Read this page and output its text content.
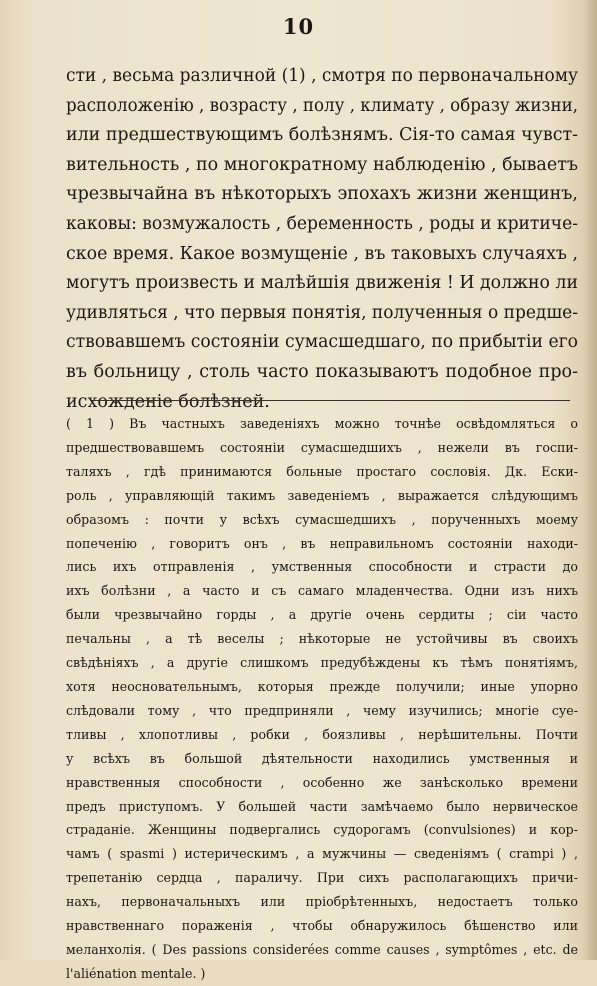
10
сти , весьма различной (1) , смотря по первоначальному
расположенію , возрасту , полу , климату , образу жизни,
или предшествующимъ болѣзнямъ. Сія-то самая чувст-
вительность , по многократному наблюденію , бываетъ
чрезвычайна въ нѣкоторыхъ эпохахъ жизни женщинъ,
каковы: возмужалость , беременность , роды и критиче-
ское время. Какое возмущеніе , въ таковыхъ случаяхъ ,
могутъ произвесть и малѣйшія движенія ! И должно ли
удивляться , что первыя понятія, полученныя о предше-
ствовавшемъ состояніи сумасшедшаго, по прибытіи его
въ больницу , столь часто показываютъ подобное про-
исхожденіе болѣзней.
( 1 ) Въ частныхъ заведеніяхъ можно точнѣе освѣдомляться о
предшествовавшемъ состояніи сумасшедшихъ , нежели въ госпи-
таляхъ , гдѣ принимаются больные простаго сословія. Дк. Ески-
роль , управляющій такимъ заведеніемъ , выражается слѣдующимъ
образомъ : почти у всѣхъ сумасшедшихъ , порученныхъ моему
попеченію , говоритъ онъ , въ неправильномъ состояніи находи-
лись ихъ отправленія , умственныя способности и страсти до
ихъ болѣзни , а часто и съ самаго младенчества. Одни изъ нихъ
были чрезвычайно горды , а другіе очень сердиты ; сіи часто
печальны , а тѣ веселы ; нѣкоторые не устойчивы въ своихъ
свѣдѣніяхъ , а другіе слишкомъ предубѣждены къ тѣмъ понятіямъ,
хотя неосновательнымъ, которыя прежде получили; иные упорно
слѣдовали тому , что предприняли , чему изучились; многіе суе-
тливы , хлопотливы , робки , боязливы , нерѣшительны. Почти
у всѣхъ въ большой дѣятельности находились умственныя и
нравственныя способности , особенно же занѣсколько времени
предъ приступомъ. У большей части замѣчаемо было нервическое
страданіе. Женщины подвергались судорогамъ (convulsiones) и кор-
чамъ ( spasmi ) истерическимъ , а мужчины — сведеніямъ ( crampi ) ,
трепетанію сердца , параличу. При сихъ располагающихъ причи-
нахъ, первоначальныхъ или пріобрѣтенныхъ, недостаетъ только
нравственнаго пораженія , чтобы обнаружилось бѣшенство или
меланхолія. ( Des passions considerées comme causes , symptômes , etc. de
l'aliénation mentale. )
